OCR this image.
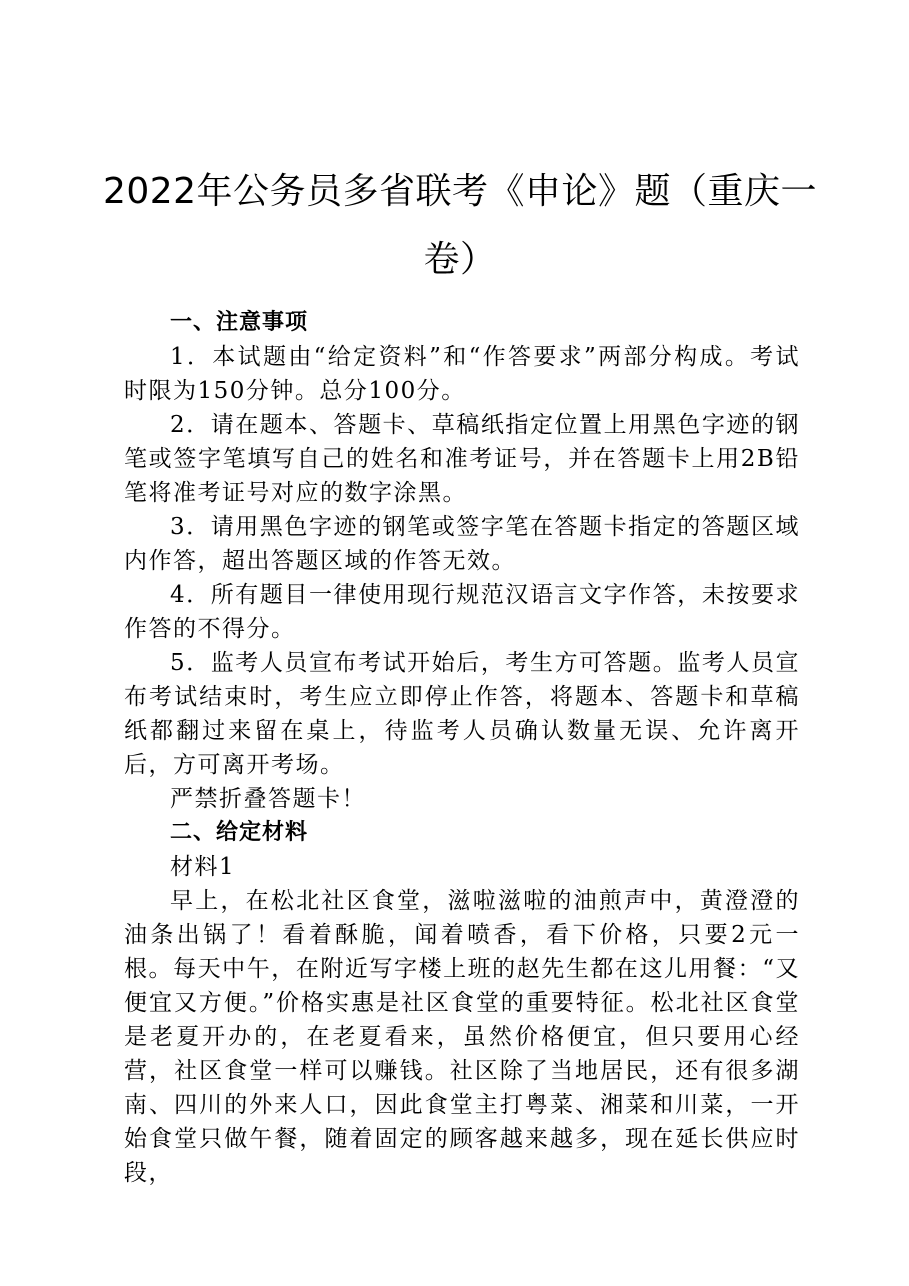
2022年公务员多省联考《申论》题（重庆一卷）
一、注意事项

1．本试题由“给定资料”和“作答要求”两部分构成。考试时限为150分钟。总分100分。

2．请在题本、答题卡、草稿纸指定位置上用黑色字迹的钢笔或签字笔填写自己的姓名和准考证号，并在答题卡上用2B铅笔将准考证号对应的数字涂黑。

3．请用黑色字迹的钢笔或签字笔在答题卡指定的答题区域内作答，超出答题区域的作答无效。

4．所有题目一律使用现行规范汉语言文字作答，未按要求作答的不得分。

5．监考人员宣布考试开始后，考生方可答题。监考人员宣布考试结束时，考生应立即停止作答，将题本、答题卡和草稿纸都翻过来留在桌上，待监考人员确认数量无误、允许离开后，方可离开考场。

严禁折叠答题卡！

二、给定材料

材料1

早上，在松北社区食堂，滋啦滋啦的油煎声中，黄澄澄的油条出锅了！看着酥脆，闻着喷香，看下价格，只要2元一根。每天中午，在附近写字楼上班的赵先生都在这儿用餐：“又便宜又方便。”价格实惠是社区食堂的重要特征。松北社区食堂是老夏开办的，在老夏看来，虽然价格便宜，但只要用心经营，社区食堂一样可以赚钱。社区除了当地居民，还有很多湖南、四川的外来人口，因此食堂主打粤菜、湘菜和川菜，一开始食堂只做午餐，随着固定的顾客越来越多，现在延长供应时段，
